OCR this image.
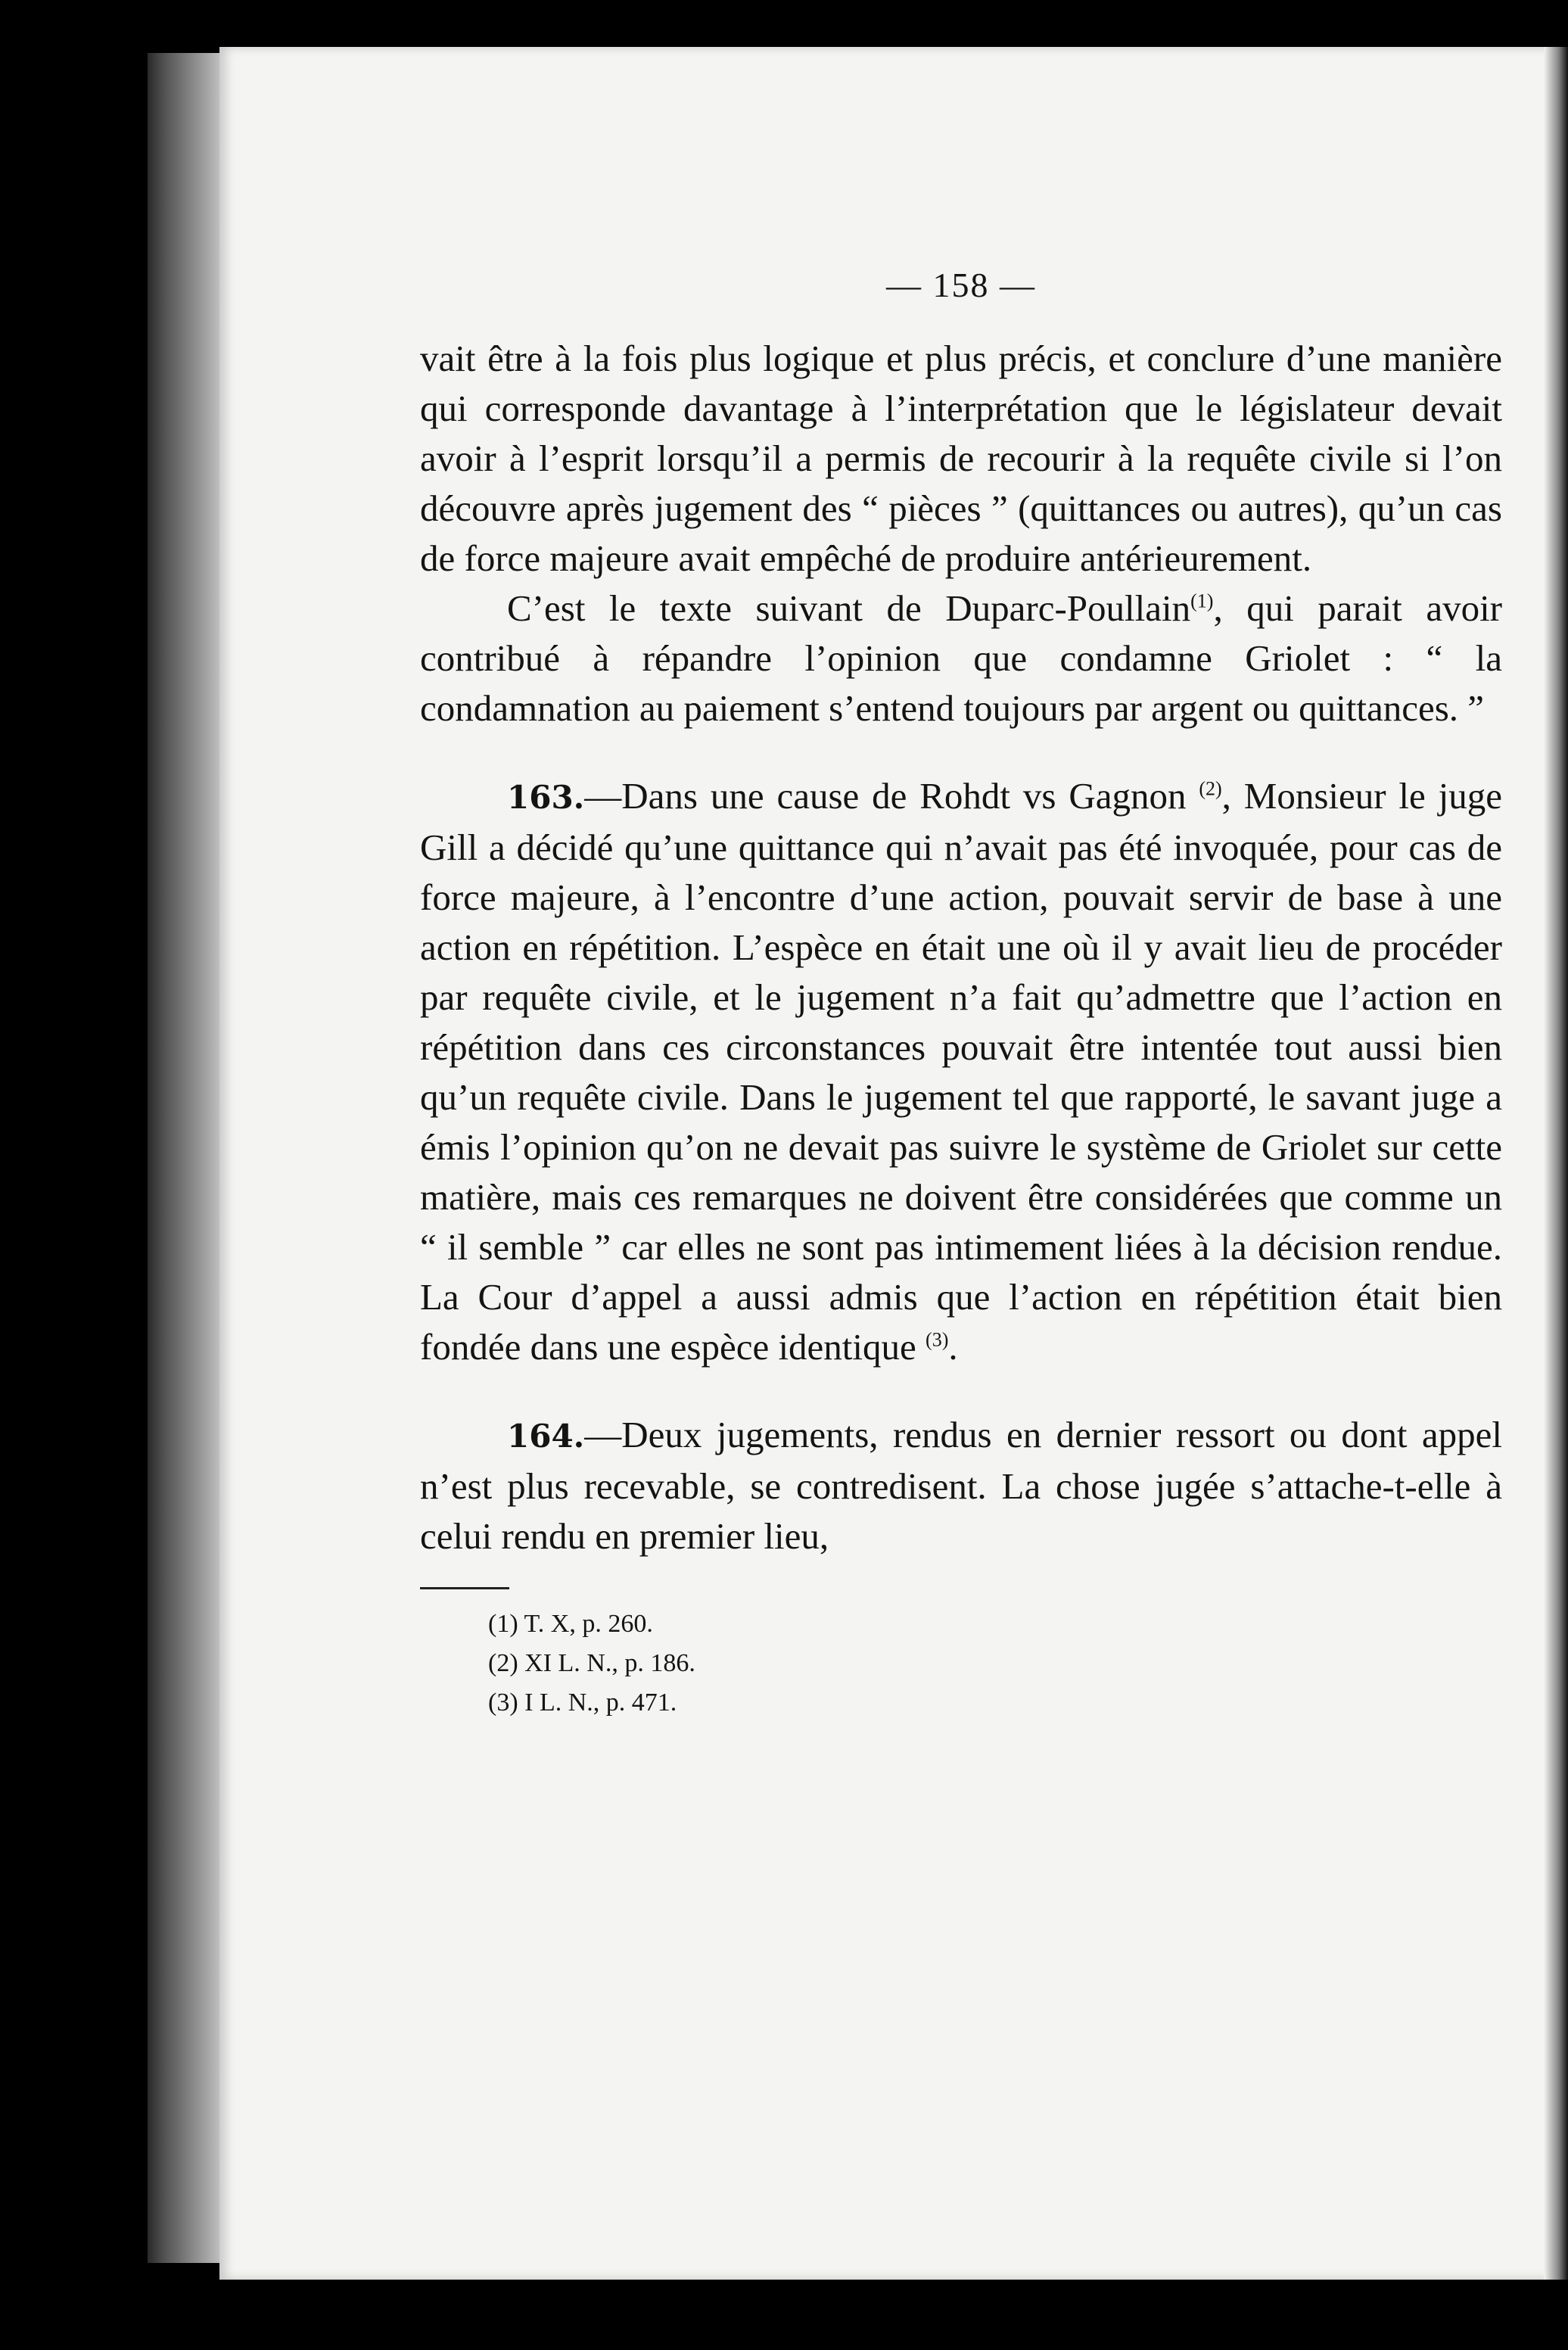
— 158 —

vait être à la fois plus logique et plus précis, et conclure d’une manière qui corresponde davantage à l’interprétation que le législateur devait avoir à l’esprit lorsqu’il a permis de recourir à la requête civile si l’on découvre après jugement des “ pièces ” (quittances ou autres), qu’un cas de force majeure avait empêché de produire antérieurement.

C’est le texte suivant de Duparc-Poullain$^{(1)}$, qui parait avoir contribué à répandre l’opinion que condamne Griolet : “ la condamnation au paiement s’entend toujours par argent ou quittances. ”

163.—Dans une cause de Rohdt vs Gagnon $^{(2)}$, Monsieur le juge Gill a décidé qu’une quittance qui n’avait pas été invoquée, pour cas de force majeure, à l’encontre d’une action, pouvait servir de base à une action en répétition. L’espèce en était une où il y avait lieu de procéder par requête civile, et le jugement n’a fait qu’admettre que l’action en répétition dans ces circonstances pouvait être intentée tout aussi bien qu’un requête civile. Dans le jugement tel que rapporté, le savant juge a émis l’opinion qu’on ne devait pas suivre le système de Griolet sur cette matière, mais ces remarques ne doivent être considérées que comme un “ il semble ” car elles ne sont pas intimement liées à la décision rendue. La Cour d’appel a aussi admis que l’action en répétition était bien fondée dans une espèce identique $^{(3)}$.

164.—Deux jugements, rendus en dernier ressort ou dont appel n’est plus recevable, se contredisent. La chose jugée s’attache-t-elle à celui rendu en premier lieu,

(1) T. X, p. 260.

(2) XI L. N., p. 186.

(3) I L. N., p. 471.
